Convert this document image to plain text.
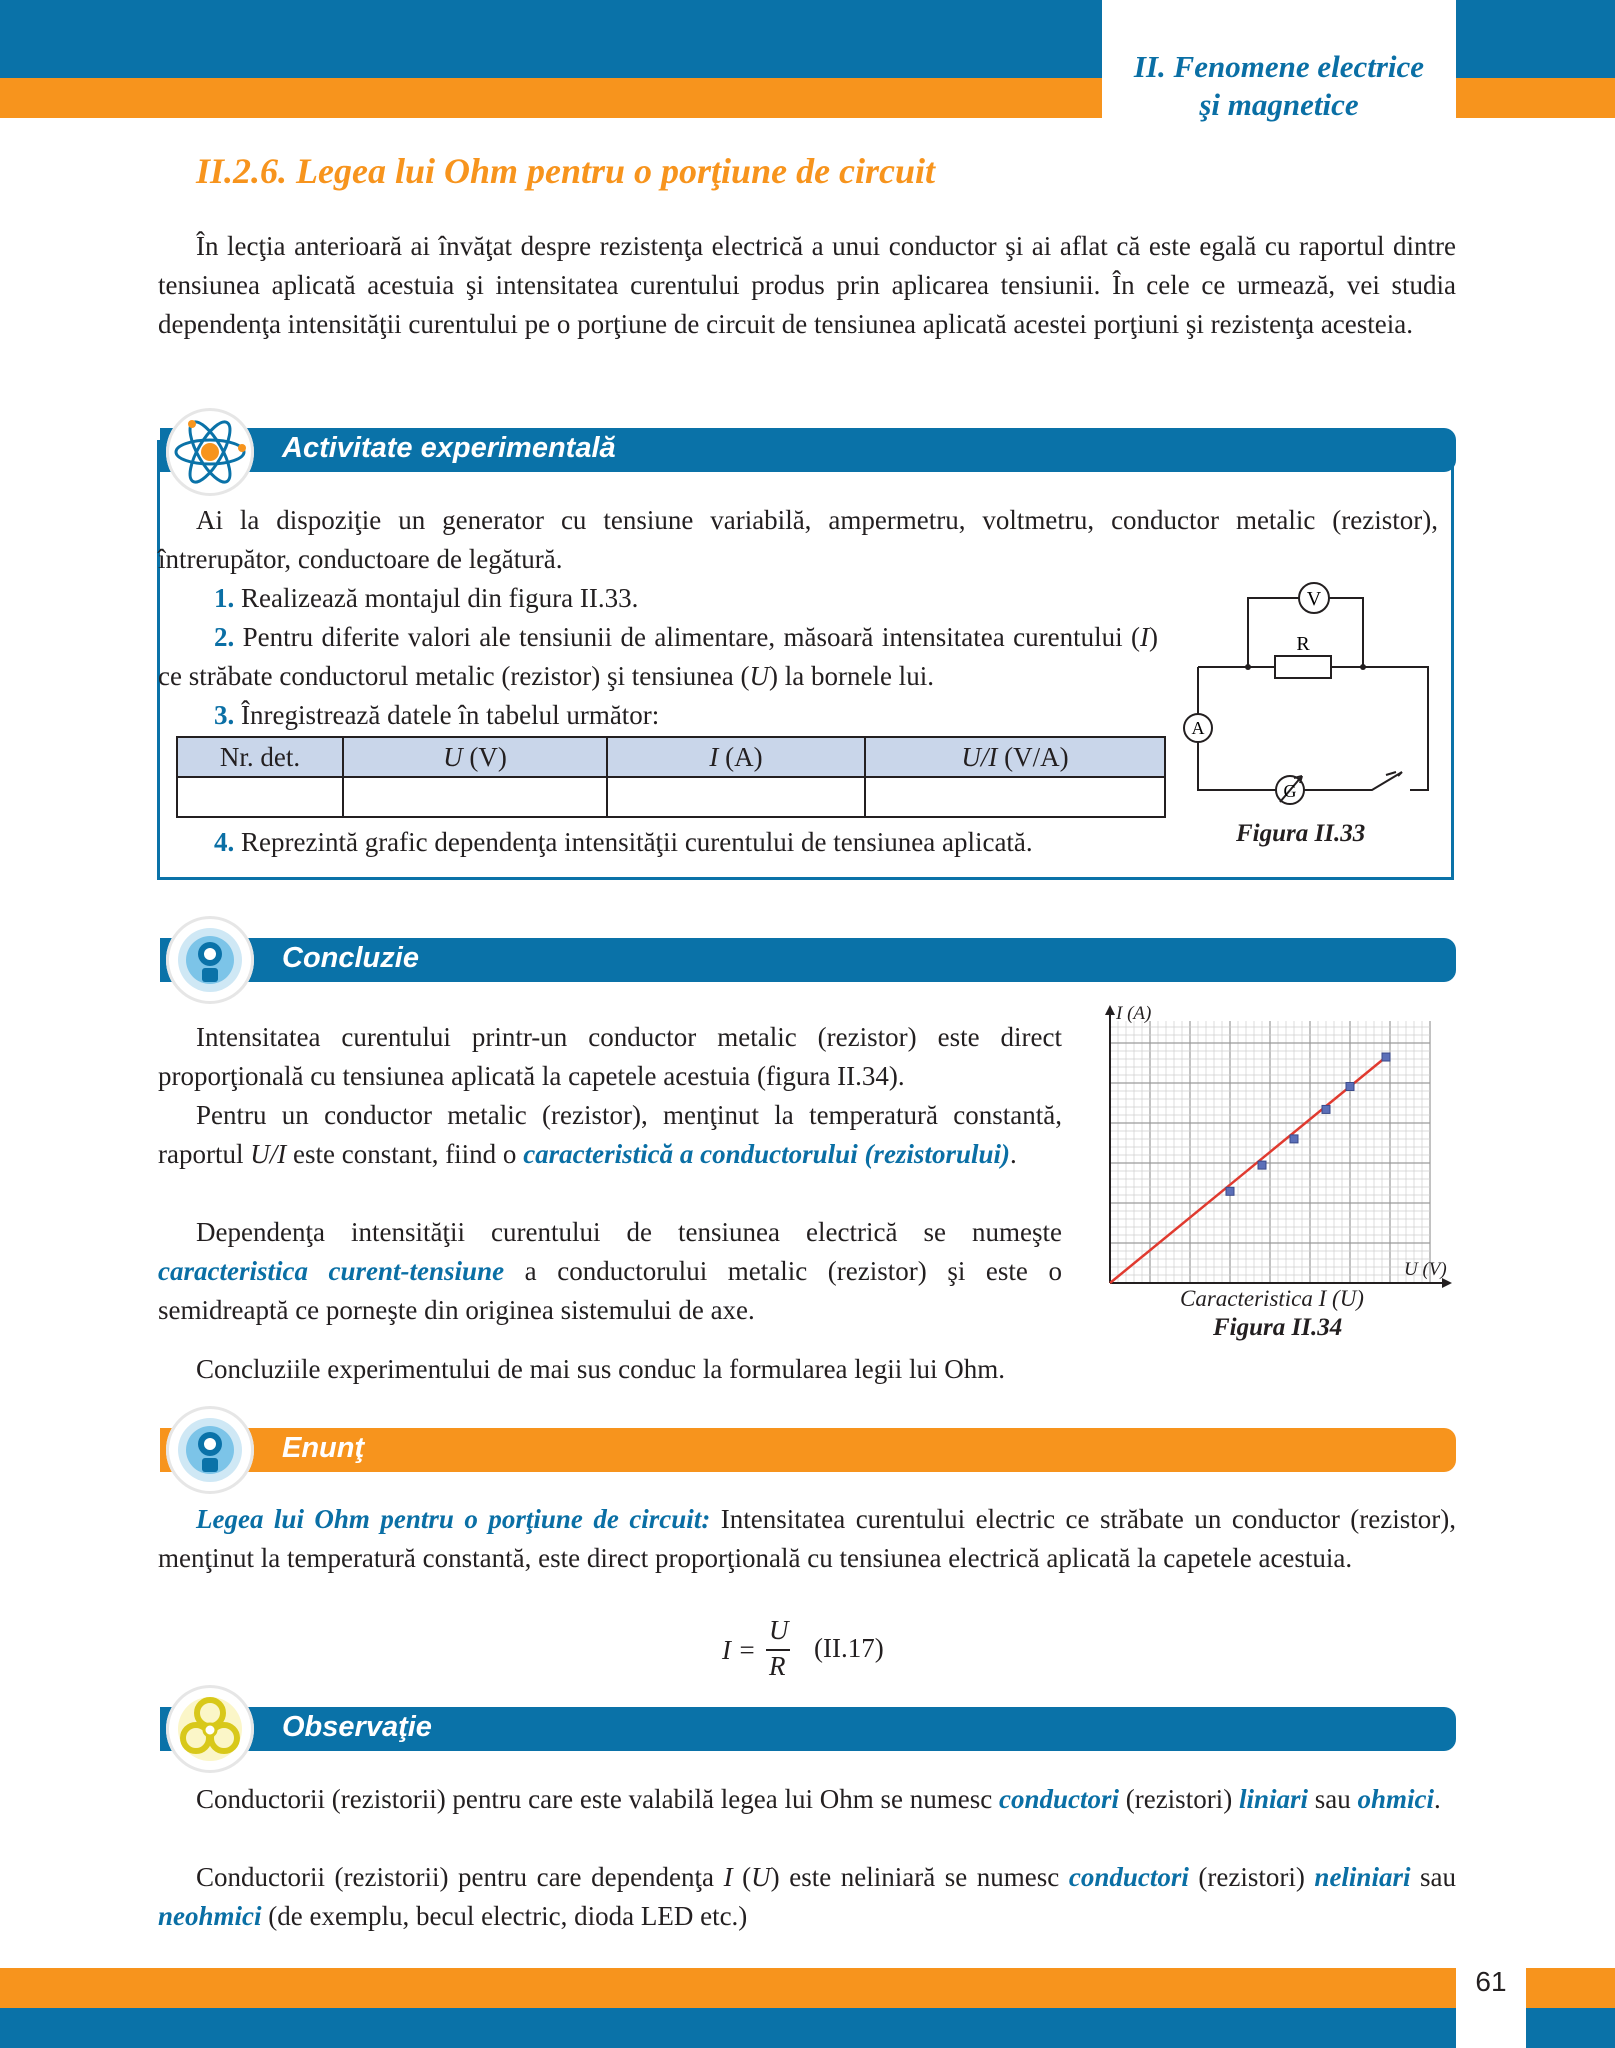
II. Fenomene electrice
şi magnetice
II.2.6. Legea lui Ohm pentru o porţiune de circuit

În lecţia anterioară ai învăţat despre rezistenţa electrică a unui conductor şi ai aflat că este egală cu raportul dintre tensiunea aplicată acestuia şi intensitatea curentului produs prin aplicarea tensiunii. În cele ce urmează, vei studia dependenţa intensităţii curentului pe o porţiune de circuit de tensiunea aplicată acestei porţiuni şi rezistenţa acesteia.

Activitate experimentală

Ai la dispoziţie un generator cu tensiune variabilă, ampermetru, voltmetru, conductor metalic (rezistor), întrerupător, conductoare de legătură.

1. Realizează montajul din figura II.33.

2. Pentru diferite valori ale tensiunii de alimentare, măsoară intensitatea curentului (I) ce străbate conductorul metalic (rezistor) şi tensiunea (U) la bornele lui.

3. Înregistrează datele în tabelul următor:

Nr. det.	U (V)	I (A)	U/I (V/A)

4. Reprezintă grafic dependenţa intensităţii curentului de tensiunea aplicată.

V
R
A
G
Figura II.33
Concluzie

Intensitatea curentului printr-un conductor metalic (rezistor) este direct proporţională cu tensiunea aplicată la capetele acestuia (figura II.34).

Pentru un conductor metalic (rezistor), menţinut la temperatură constantă, raportul U/I este constant, fiind o caracteristică a conductorului (rezistorului).

Dependenţa intensităţii curentului de tensiunea electrică se numeşte caracteristica curent-tensiune a conductorului metalic (rezistor) şi este o semidreaptă ce porneşte din originea sistemului de axe.

Concluziile experimentului de mai sus conduc la formularea legii lui Ohm.

I (A)
U (V)
Caracteristica I (U)
Figura II.34
Enunţ

Legea lui Ohm pentru o porţiune de circuit: Intensitatea curentului electric ce străbate un conductor (rezistor), menţinut la temperatură constantă, este direct proporţională cu tensiunea electrică aplicată la capetele acestuia.

I =
U
R
(II.17)
Observaţie

Conductorii (rezistorii) pentru care este valabilă legea lui Ohm se numesc conductori (rezistori) liniari sau ohmici.

Conductorii (rezistorii) pentru care dependenţa I (U) este neliniară se numesc conductori (rezistori) neliniari sau neohmici (de exemplu, becul electric, dioda LED etc.)

61
